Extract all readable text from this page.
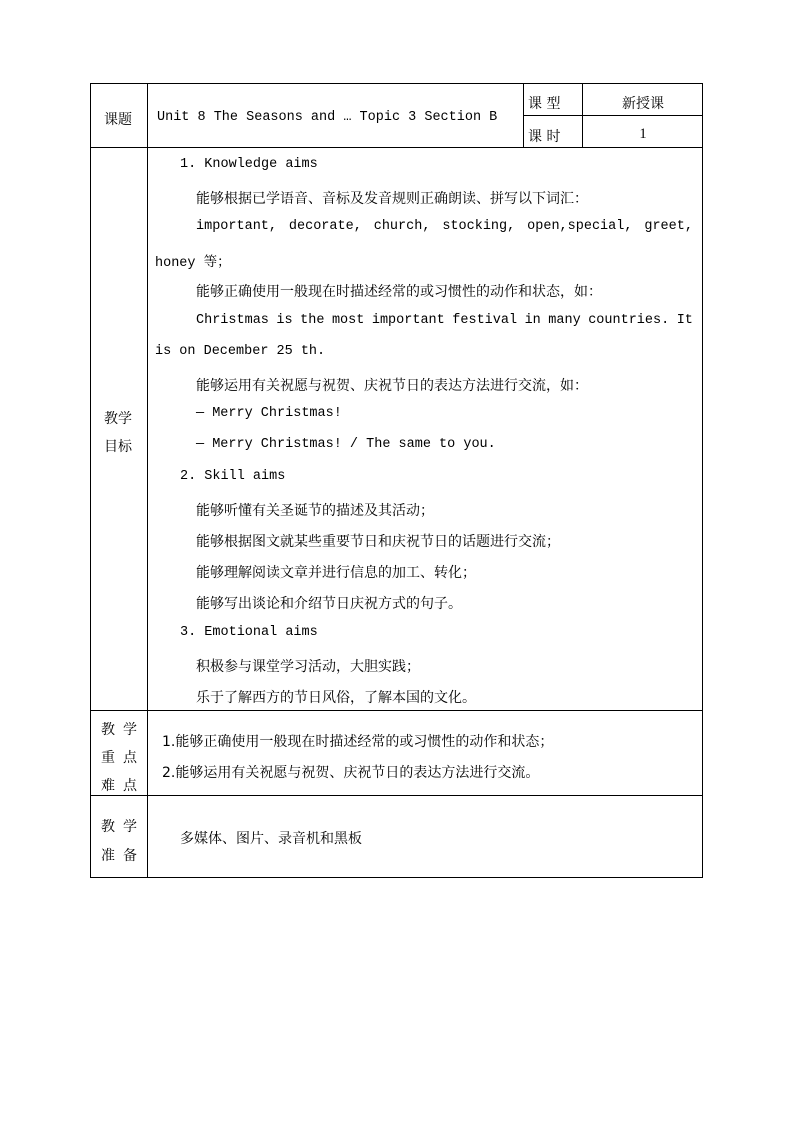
课题 Unit 8 The Seasons and … Topic 3 Section B
课 型	新授课
课 时	1
教学
目标
1. Knowledge aims
能够根据已学语音、音标及发音规则正确朗读、拼写以下词汇：
important, decorate, church, stocking, open,special, greet,
honey 等；
能够正确使用一般现在时描述经常的或习惯性的动作和状态，如：
Christmas is the most important festival in many countries. It
is on December 25 th.
能够运用有关祝愿与祝贺、庆祝节日的表达方法进行交流，如：
— Merry Christmas!
— Merry Christmas! / The same to you.
2. Skill aims
能够听懂有关圣诞节的描述及其活动；
能够根据图文就某些重要节日和庆祝节日的话题进行交流；
能够理解阅读文章并进行信息的加工、转化；
能够写出谈论和介绍节日庆祝方式的句子。
3. Emotional aims
积极参与课堂学习活动，大胆实践；
乐于了解西方的节日风俗，了解本国的文化。
教 学
重 点
难 点
1.能够正确使用一般现在时描述经常的或习惯性的动作和状态；
2.能够运用有关祝愿与祝贺、庆祝节日的表达方法进行交流。
教 学
准 备
多媒体、图片、录音机和黑板
